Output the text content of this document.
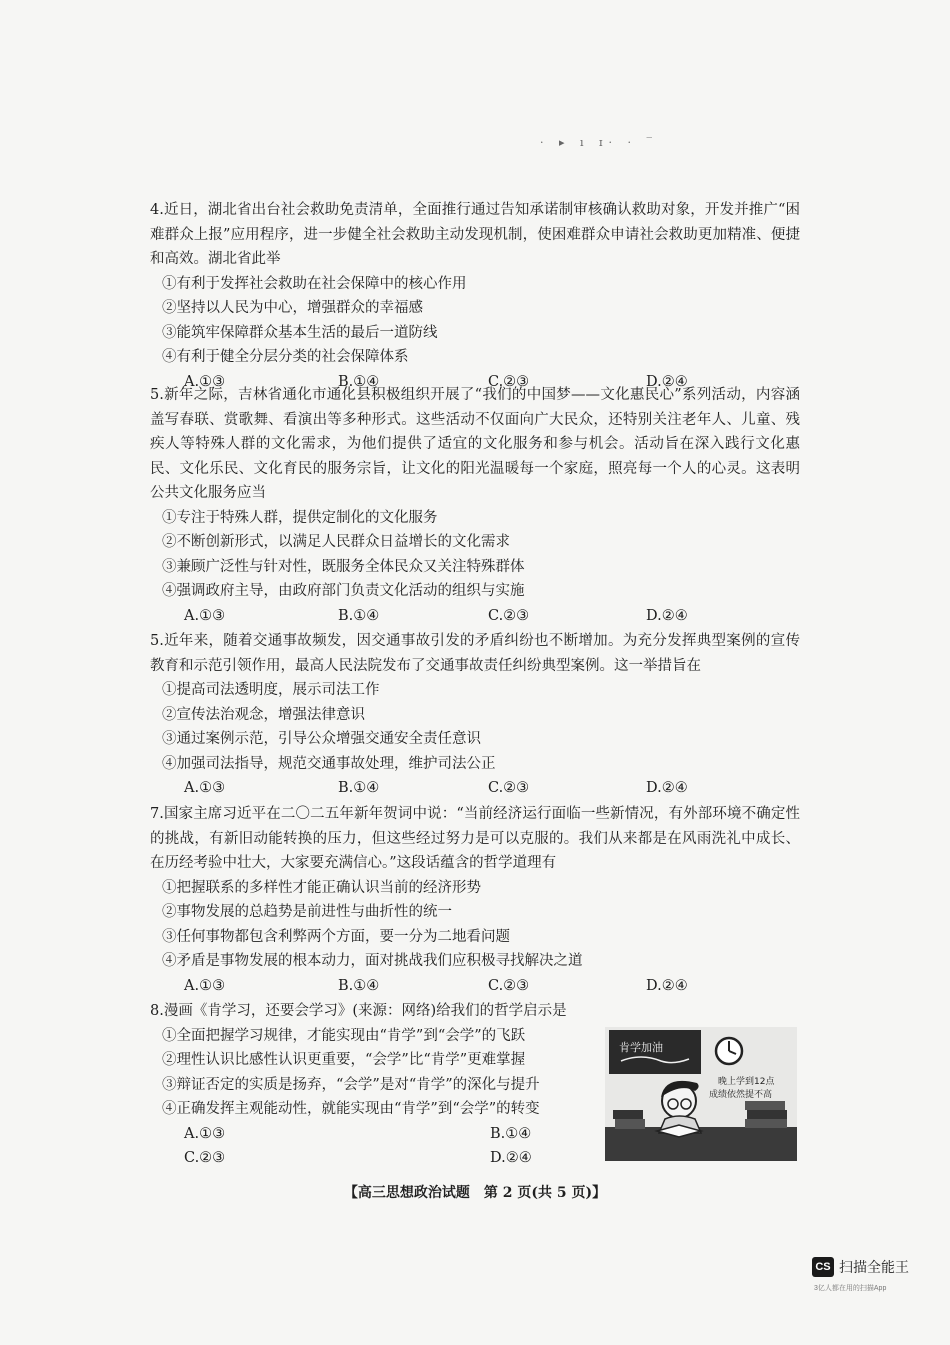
· ▸ ı ɪ· · ‾

4.近日，湖北省出台社会救助免责清单，全面推行通过告知承诺制审核确认救助对象，开发并推广“困难群众上报”应用程序，进一步健全社会救助主动发现机制，使困难群众申请社会救助更加精准、便捷和高效。湖北省此举

①有利于发挥社会救助在社会保障中的核心作用

②坚持以人民为中心，增强群众的幸福感

③能筑牢保障群众基本生活的最后一道防线

④有利于健全分层分类的社会保障体系

A.①③	B.①④	C.②③	D.②④

5.新年之际，吉林省通化市通化县积极组织开展了“我们的中国梦——文化惠民心”系列活动，内容涵盖写春联、赏歌舞、看演出等多种形式。这些活动不仅面向广大民众，还特别关注老年人、儿童、残疾人等特殊人群的文化需求，为他们提供了适宜的文化服务和参与机会。活动旨在深入践行文化惠民、文化乐民、文化育民的服务宗旨，让文化的阳光温暖每一个家庭，照亮每一个人的心灵。这表明公共文化服务应当

①专注于特殊人群，提供定制化的文化服务

②不断创新形式，以满足人民群众日益增长的文化需求

③兼顾广泛性与针对性，既服务全体民众又关注特殊群体

④强调政府主导，由政府部门负责文化活动的组织与实施

A.①③	B.①④	C.②③	D.②④

5.近年来，随着交通事故频发，因交通事故引发的矛盾纠纷也不断增加。为充分发挥典型案例的宣传教育和示范引领作用，最高人民法院发布了交通事故责任纠纷典型案例。这一举措旨在

①提高司法透明度，展示司法工作

②宣传法治观念，增强法律意识

③通过案例示范，引导公众增强交通安全责任意识

④加强司法指导，规范交通事故处理，维护司法公正

A.①③	B.①④	C.②③	D.②④

7.国家主席习近平在二〇二五年新年贺词中说：“当前经济运行面临一些新情况，有外部环境不确定性的挑战，有新旧动能转换的压力，但这些经过努力是可以克服的。我们从来都是在风雨洗礼中成长、在历经考验中壮大，大家要充满信心。”这段话蕴含的哲学道理有

①把握联系的多样性才能正确认识当前的经济形势

②事物发展的总趋势是前进性与曲折性的统一

③任何事物都包含利弊两个方面，要一分为二地看问题

④矛盾是事物发展的根本动力，面对挑战我们应积极寻找解决之道

A.①③	B.①④	C.②③	D.②④

8.漫画《肯学习，还要会学习》(来源：网络)给我们的哲学启示是

①全面把握学习规律，才能实现由“肯学”到“会学”的飞跃

②理性认识比感性认识更重要，“会学”比“肯学”更难掌握

③辩证否定的实质是扬弃，“会学”是对“肯学”的深化与提升

④正确发挥主观能动性，就能实现由“肯学”到“会学”的转变

A.①③	B.①④
C.②③	D.②④
肯学加油
晚上学到12点
成绩依然提不高
【高三思想政治试题　第 2 页(共 5 页)】
CS 扫描全能王
3亿人都在用的扫描App
